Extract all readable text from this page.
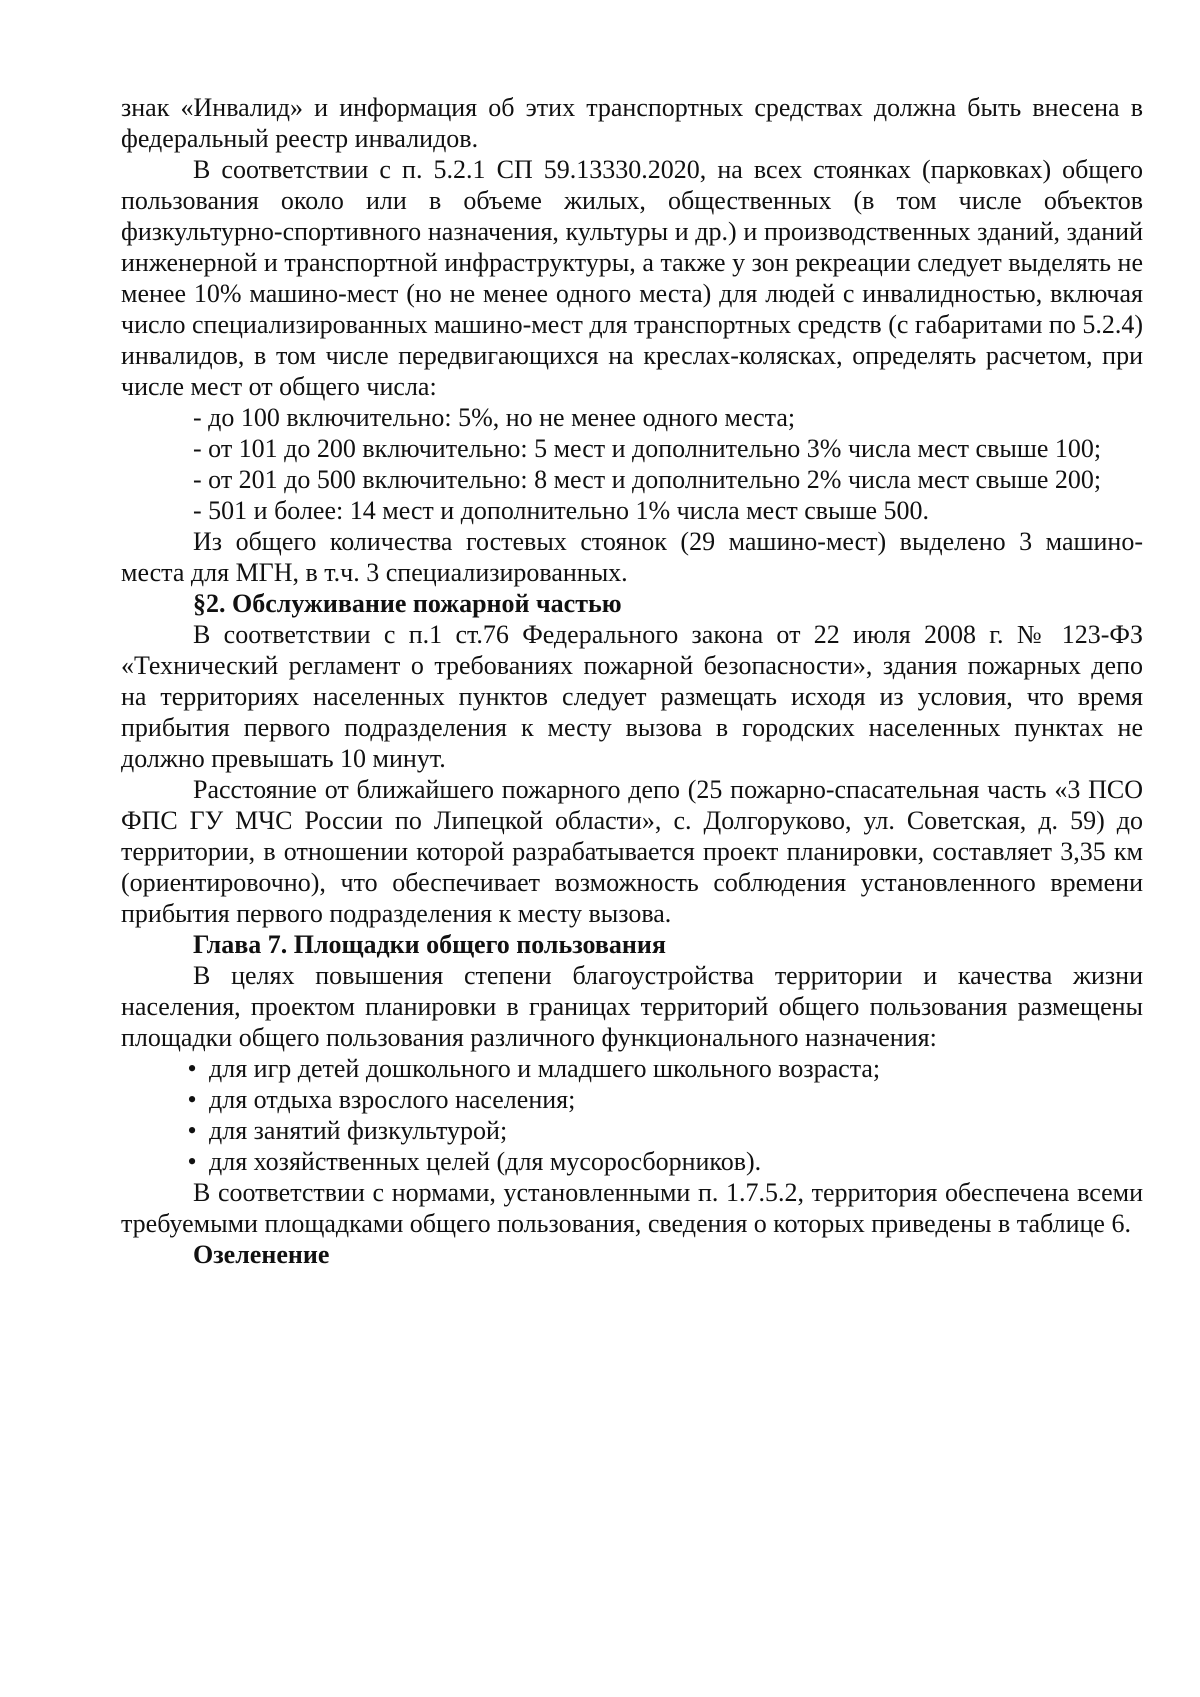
знак «Инвалид» и информация об этих транспортных средствах должна быть внесена в федеральный реестр инвалидов.

В соответствии с п. 5.2.1 СП 59.13330.2020, на всех стоянках (парковках) общего пользования около или в объеме жилых, общественных (в том числе объектов физкультурно-спортивного назначения, культуры и др.) и производственных зданий, зданий инженерной и транспортной инфраструктуры, а также у зон рекреации следует выделять не менее 10% машино-мест (но не менее одного места) для людей с инвалидностью, включая число специализированных машино-мест для транспортных средств (с габаритами по 5.2.4) инвалидов, в том числе передвигающихся на креслах-колясках, определять расчетом, при числе мест от общего числа:

- до 100 включительно: 5%, но не менее одного места;

- от 101 до 200 включительно: 5 мест и дополнительно 3% числа мест свыше 100;

- от 201 до 500 включительно: 8 мест и дополнительно 2% числа мест свыше 200;

- 501 и более: 14 мест и дополнительно 1% числа мест свыше 500.

Из общего количества гостевых стоянок (29 машино-мест) выделено 3 машино-места для МГН, в т.ч. 3 специализированных.

§2. Обслуживание пожарной частью

В соответствии с п.1 ст.76 Федерального закона от 22 июля 2008 г. № 123-ФЗ «Технический регламент о требованиях пожарной безопасности», здания пожарных депо на территориях населенных пунктов следует размещать исходя из условия, что время прибытия первого подразделения к месту вызова в городских населенных пунктах не должно превышать 10 минут.

Расстояние от ближайшего пожарного депо (25 пожарно-спасательная часть «3 ПСО ФПС ГУ МЧС России по Липецкой области», с. Долгоруково, ул. Советская, д. 59) до территории, в отношении которой разрабатывается проект планировки, составляет 3,35 км (ориентировочно), что обеспечивает возможность соблюдения установленного времени прибытия первого подразделения к месту вызова.

Глава 7. Площадки общего пользования

В целях повышения степени благоустройства территории и качества жизни населения, проектом планировки в границах территорий общего пользования размещены площадки общего пользования различного функционального назначения:

• для игр детей дошкольного и младшего школьного возраста;
• для отдыха взрослого населения;
• для занятий физкультурой;
• для хозяйственных целей (для мусоросборников).

В соответствии с нормами, установленными п. 1.7.5.2, территория обеспечена всеми требуемыми площадками общего пользования, сведения о которых приведены в таблице 6.

Озеленение
